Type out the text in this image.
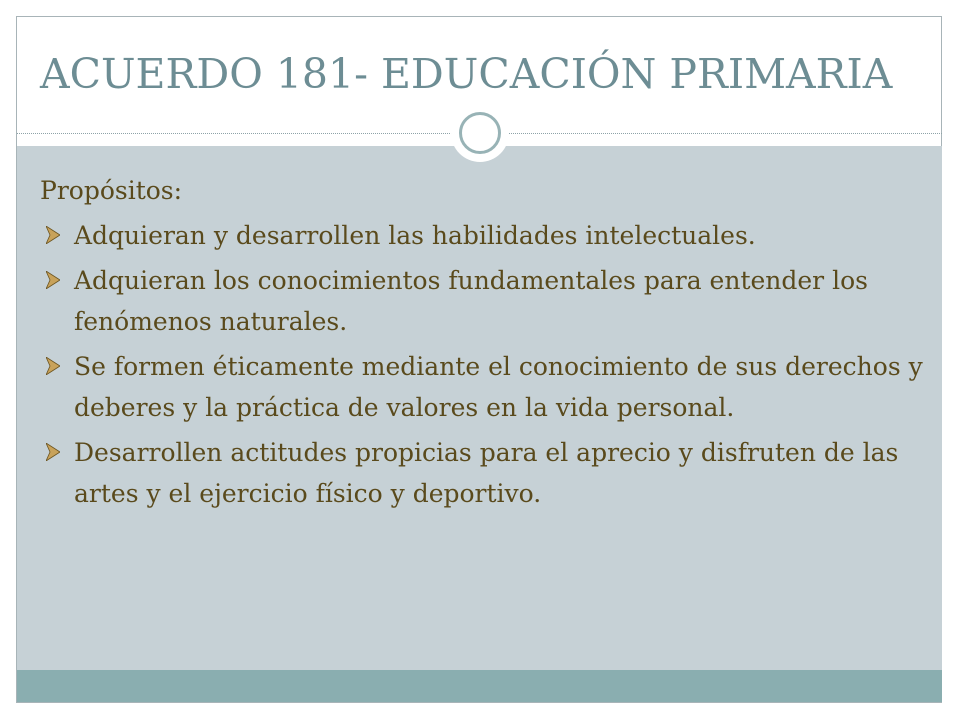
ACUERDO 181- EDUCACIÓN PRIMARIA

Propósitos:

Adquieran y desarrollen las habilidades intelectuales.
Adquieran los conocimientos fundamentales para entender los fenómenos naturales.
Se formen éticamente mediante el conocimiento de sus derechos y deberes y la práctica de valores en la vida personal.
Desarrollen actitudes propicias para el aprecio y disfruten de las artes y el ejercicio físico y deportivo.
